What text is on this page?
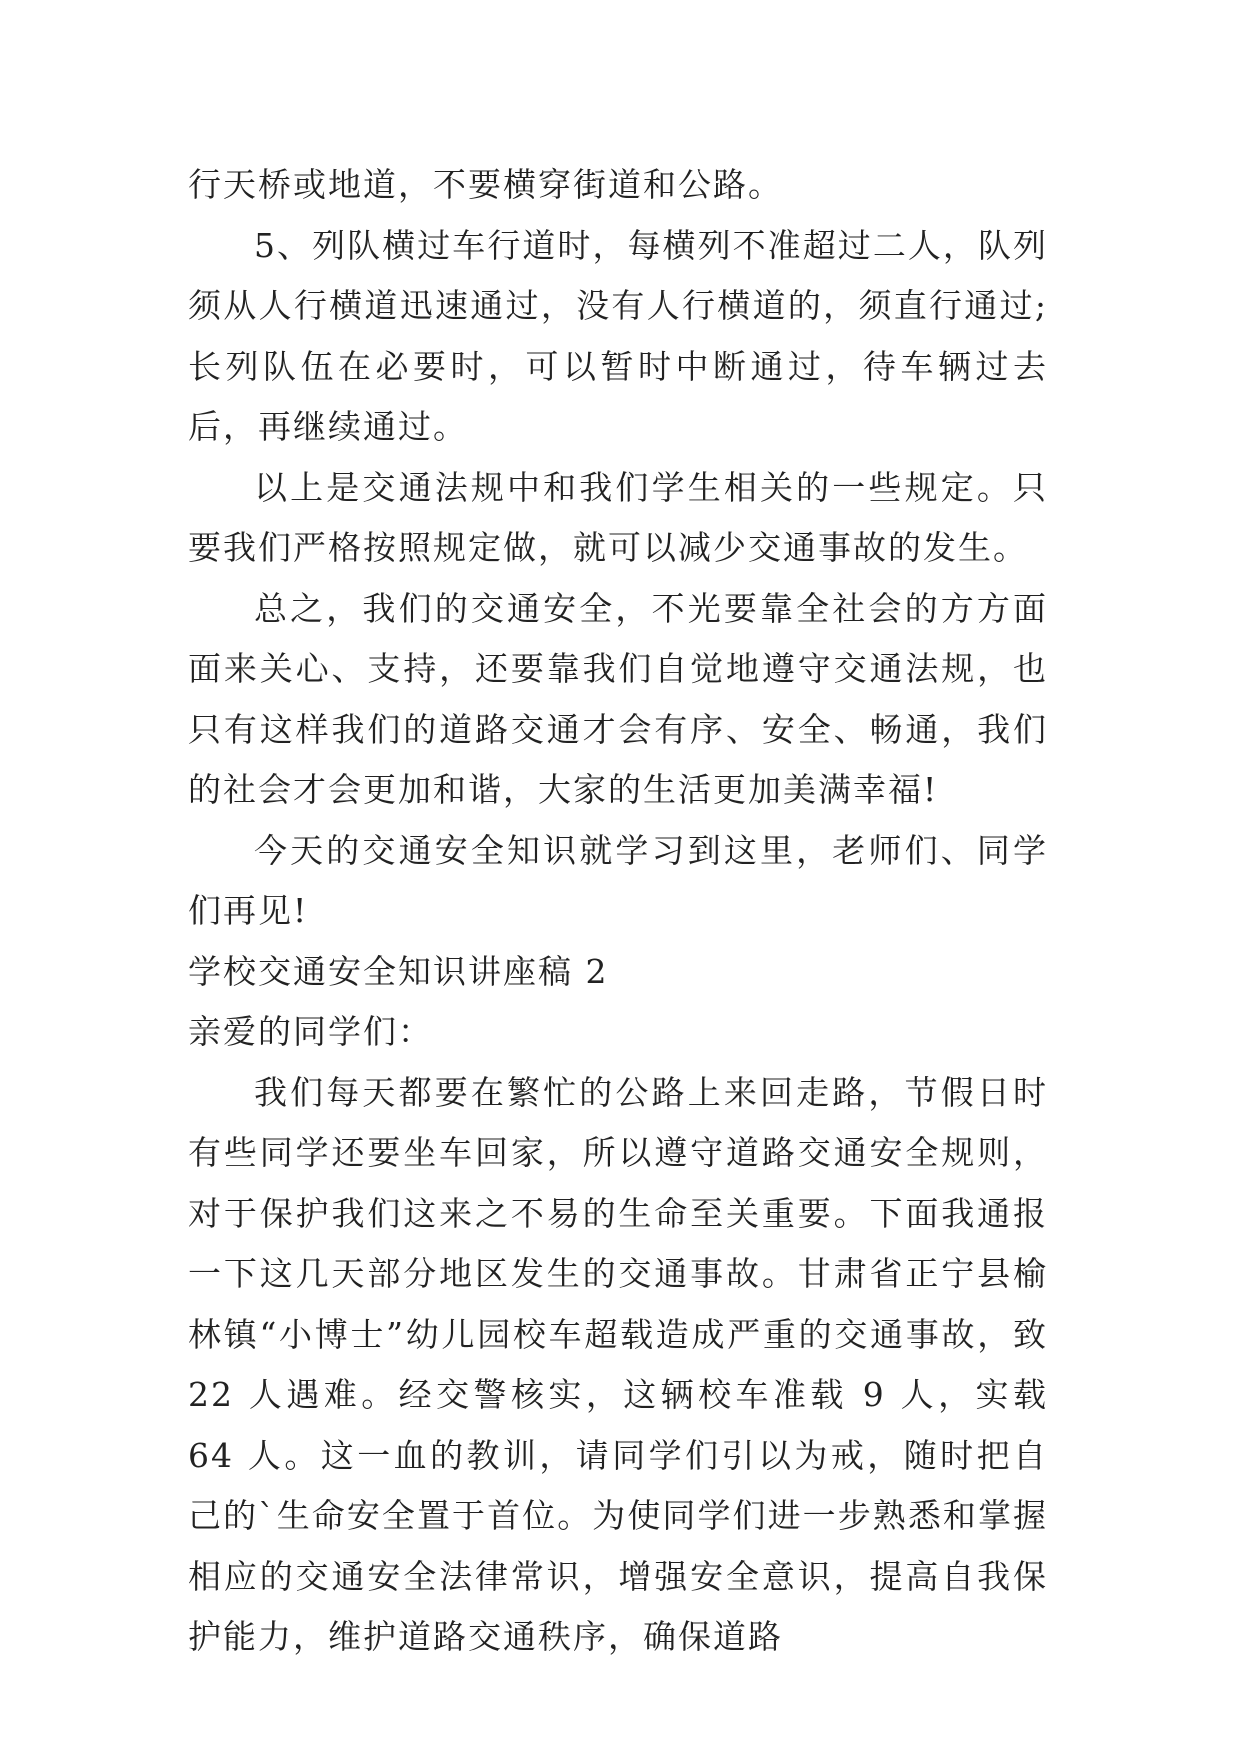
行天桥或地道，不要横穿街道和公路。

5、列队横过车行道时，每横列不准超过二人，队列须从人行横道迅速通过，没有人行横道的，须直行通过;长列队伍在必要时，可以暂时中断通过，待车辆过去后，再继续通过。

以上是交通法规中和我们学生相关的一些规定。只要我们严格按照规定做，就可以减少交通事故的发生。

总之，我们的交通安全，不光要靠全社会的方方面面来关心、支持，还要靠我们自觉地遵守交通法规，也只有这样我们的道路交通才会有序、安全、畅通，我们的社会才会更加和谐，大家的生活更加美满幸福!

今天的交通安全知识就学习到这里，老师们、同学们再见!

学校交通安全知识讲座稿 2

亲爱的同学们：

我们每天都要在繁忙的公路上来回走路，节假日时有些同学还要坐车回家，所以遵守道路交通安全规则，对于保护我们这来之不易的生命至关重要。下面我通报一下这几天部分地区发生的交通事故。甘肃省正宁县榆林镇“小博士”幼儿园校车超载造成严重的交通事故，致 22 人遇难。经交警核实，这辆校车准载 9 人，实载 64 人。这一血的教训，请同学们引以为戒，随时把自己的`生命安全置于首位。为使同学们进一步熟悉和掌握相应的交通安全法律常识，增强安全意识，提高自我保护能力，维护道路交通秩序，确保道路
